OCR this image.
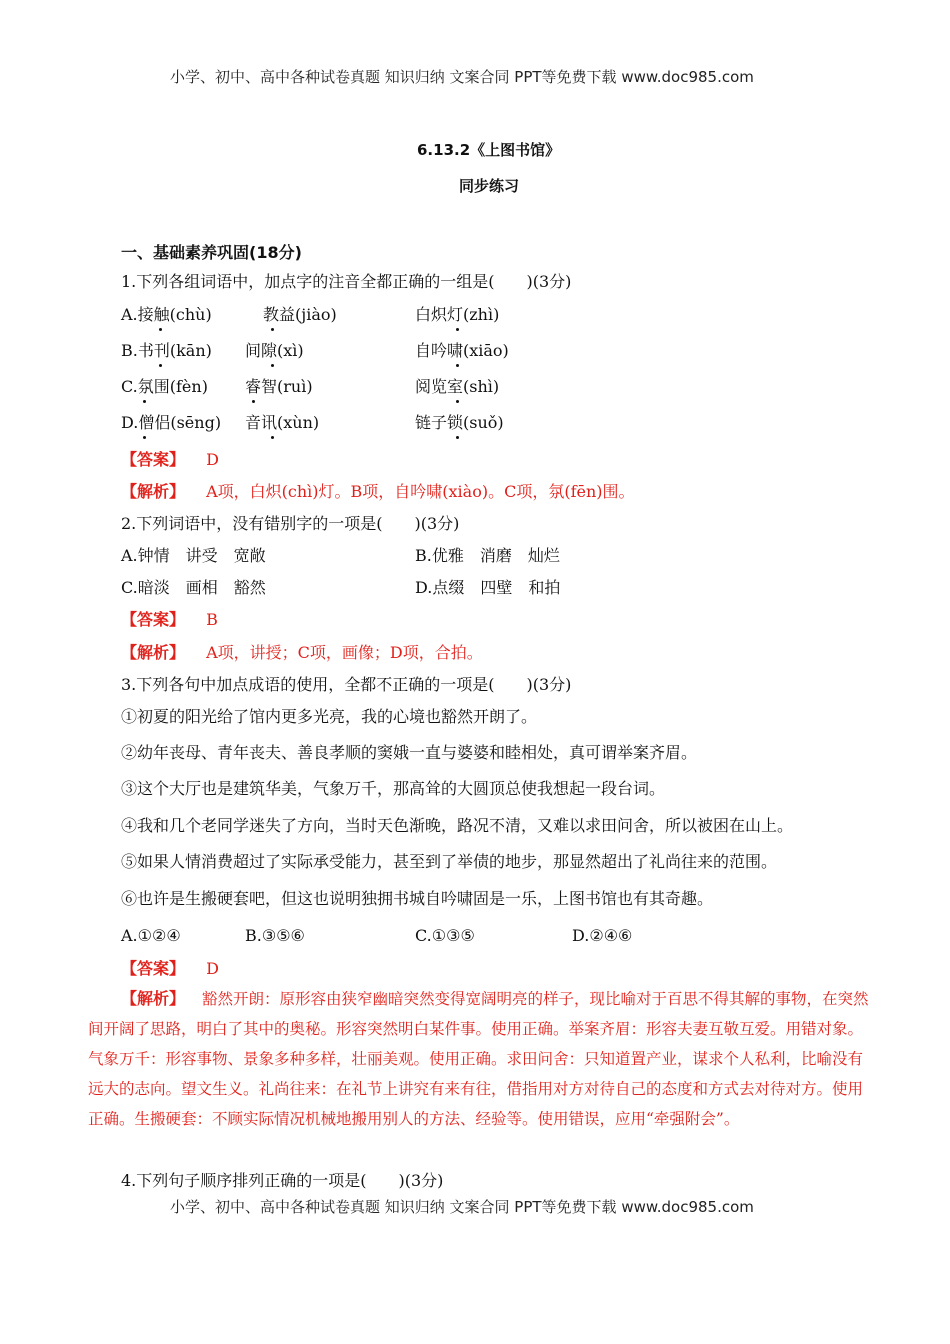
小学、初中、高中各种试卷真题 知识归纳 文案合同 PPT等免费下载 www.doc985.com
6.13.2《上图书馆》
同步练习
一、基础素养巩固(18分)
1.下列各组词语中，加点字的注音全都正确的一组是(　　)(3分)
A.接触(chù)	教益(jiào)	白炽灯(zhì)
B.书刊(kān) 间隙(xì)	自吟啸(xiāo)
C.氛围(fèn) 睿智(ruì)	阅览室(shì)
D.僧侣(sēng) 音讯(xùn)	链子锁(suǒ)
【答案】 D
【解析】 A项，白炽(chì)灯。B项，自吟啸(xiào)。C项，氛(fēn)围。
2.下列词语中，没有错别字的一项是(　　)(3分)
A.钟情　讲受　宽敞	B.优雅　消磨　灿烂
C.暗淡　画相　豁然	D.点缀　四壁　和拍
【答案】 B
【解析】 A项，讲授；C项，画像；D项，合拍。
3.下列各句中加点成语的使用，全都不正确的一项是(　　)(3分)
①初夏的阳光给了馆内更多光亮，我的心境也豁然开朗了。
②幼年丧母、青年丧夫、善良孝顺的窦娥一直与婆婆和睦相处，真可谓举案齐眉。
③这个大厅也是建筑华美，气象万千，那高耸的大圆顶总使我想起一段台词。
④我和几个老同学迷失了方向，当时天色渐晚，路况不清，又难以求田问舍，所以被困在山上。
⑤如果人情消费超过了实际承受能力，甚至到了举债的地步，那显然超出了礼尚往来的范围。
⑥也许是生搬硬套吧，但这也说明独拥书城自吟啸固是一乐，上图书馆也有其奇趣。
A.①②④	B.③⑤⑥	C.①③⑤	D.②④⑥
【答案】 D
【解析】 豁然开朗：原形容由狭窄幽暗突然变得宽阔明亮的样子，现比喻对于百思不得其解的事物，在突然间开阔了思路，明白了其中的奥秘。形容突然明白某件事。使用正确。举案齐眉：形容夫妻互敬互爱。用错对象。气象万千：形容事物、景象多种多样，壮丽美观。使用正确。求田问舍：只知道置产业，谋求个人私利，比喻没有远大的志向。望文生义。礼尚往来：在礼节上讲究有来有往，借指用对方对待自己的态度和方式去对待对方。使用正确。生搬硬套：不顾实际情况机械地搬用别人的方法、经验等。使用错误，应用“牵强附会”。
4.下列句子顺序排列正确的一项是(　　)(3分)
小学、初中、高中各种试卷真题 知识归纳 文案合同 PPT等免费下载 www.doc985.com
